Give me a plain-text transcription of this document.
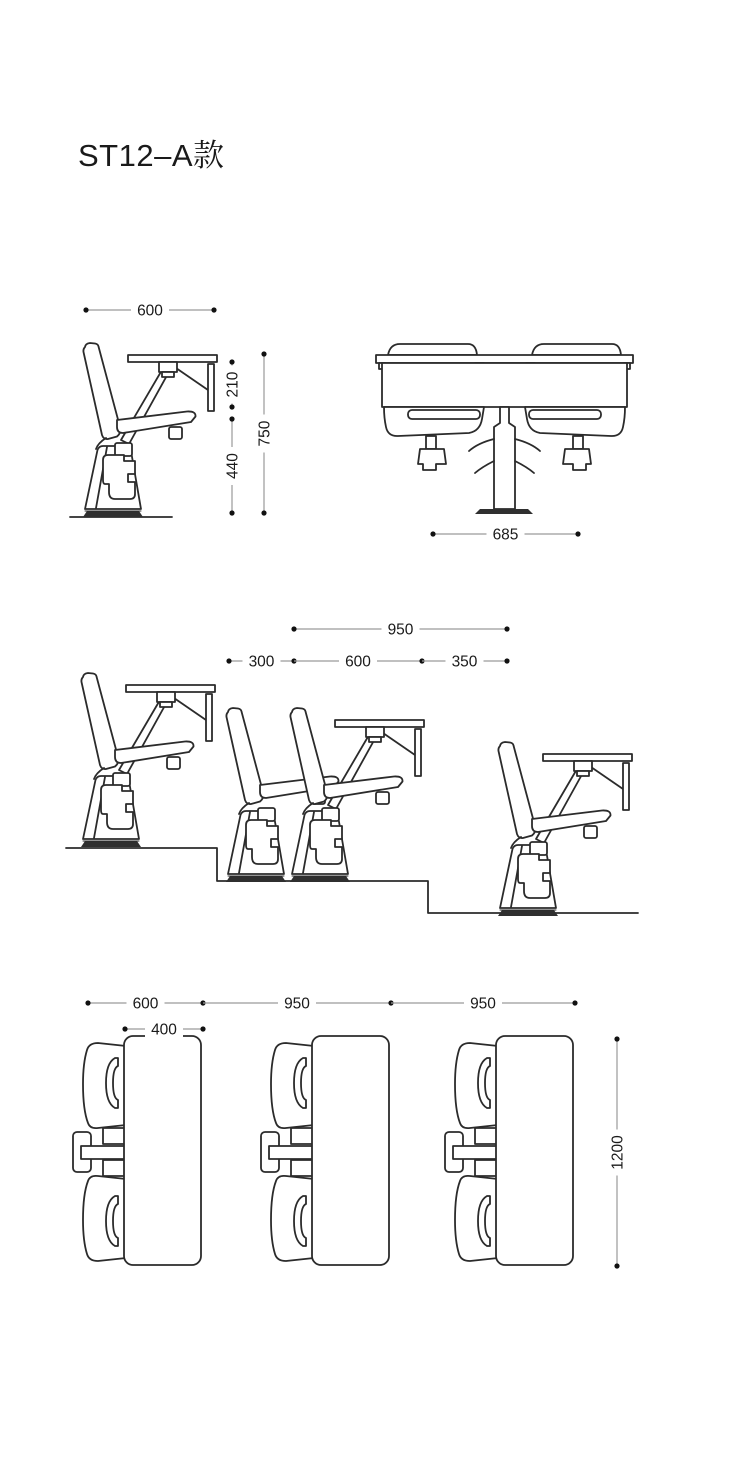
ST12–A款
600
210
440
750
685
950
300	600	350
600	950	950
400
1200
